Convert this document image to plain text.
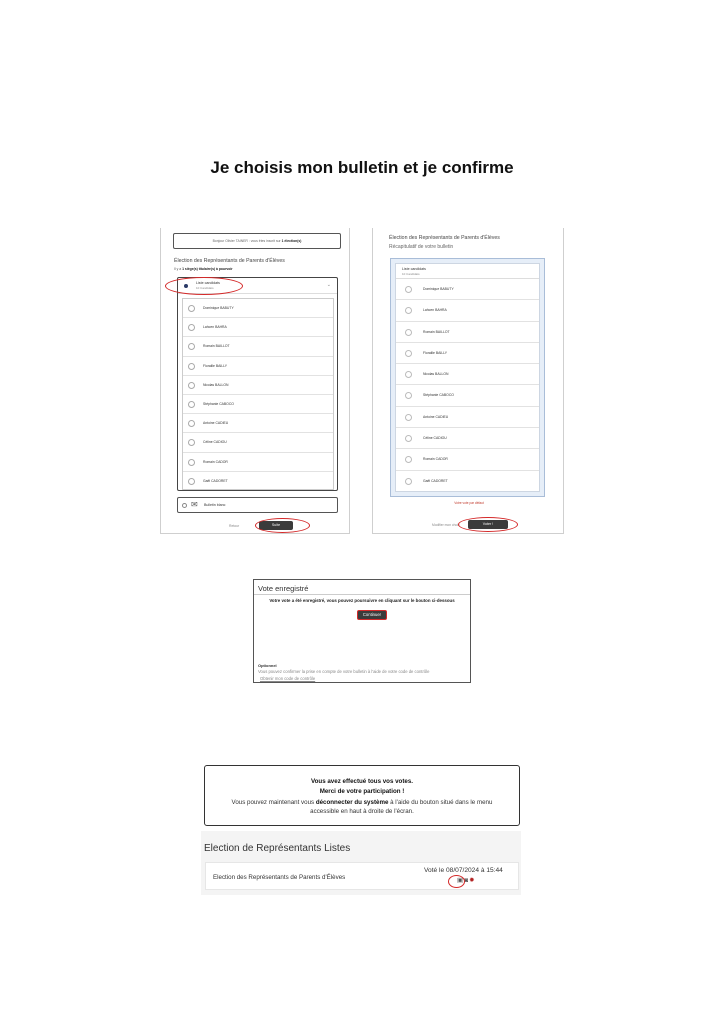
Je choisis mon bulletin et je confirme
Bonjour Olivier TAINER : vous êtes inscrit sur 1 élection(s)
Élection des Représentants de Parents d'Élèves
Il y a 1 siège(s) titulaire(s) à pourvoir
Liste candidats
10 Candidats	⌄
Dominique BABUTY
Lahcen BAHRA
Romain BAILLOT
Floraille BAILLY
Nicolas BALLON
Stéphanie CABOCO
Antoine CADIEU
Céline CADIOU
Romain CADOR
Gaël CADORET
✉ Bulletin blanc
Retour	Suite
Élection des Représentants de Parents d'Élèves
Récapitulatif de votre bulletin
Liste candidats
10 Candidats
Dominique BABUTY
Lahcen BAHRA
Romain BAILLOT
Floraille BAILLY
Nicolas BALLON
Stéphanie CABOCO
Antoine CADIEU
Céline CADIOU
Romain CADOR
Gaël CADORET
Votre vote par défaut
Modifier mon choix	Voter !
Vote enregistré
Votre vote a été enregistré, vous pouvez poursuivre en cliquant sur le bouton ci-dessous
Continuer
Optionnel
Vous pouvez confirmer la prise en compte de votre bulletin à l'aide de votre code de contrôle
Obtenir mon code de contrôle
Vous avez effectué tous vos votes.
Merci de votre participation !
Vous pouvez maintenant vous déconnecter du système à l'aide du bouton situé dans le menu accessible en haut à droite de l'écran.
Election de Représentants Listes
Election des Représentants de Parents d'Élèves
Voté le 08/07/2024 à 15:44
▣◙✹
